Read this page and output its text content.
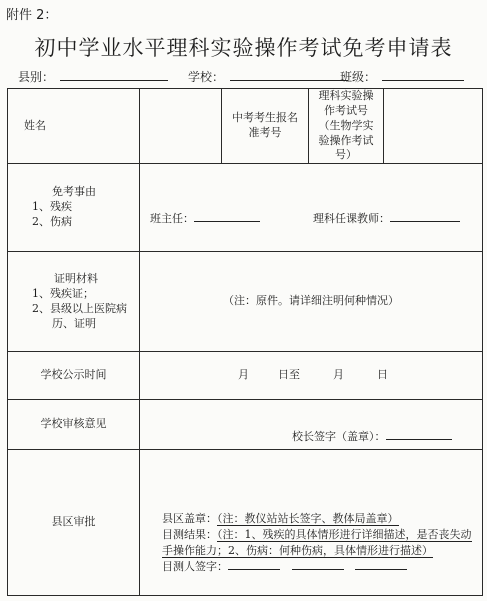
附件 2：
初中学业水平理科实验操作考试免考申请表
县别：	学校：	班级：
姓名		中考考生报名准考号	理科实验操作考试号（生物学实验操作考试号）	

免考事由
1、残疾
2、伤病	班主任： 理科任课教师：			

证明材料
1、残疾证；
2、县级以上医院病
历、证明	（注：原件。请详细注明何种情况）			
学校公示时间	月 日至 月 日			

学校审核意见	校长签字（盖章）：			

县区审批	县区盖章：（注：教仪站站长签字、教体局盖章）
目测结果：（注：1、残疾的具体情形进行详细描述，是否丧失动
手操作能力；2、伤病：何种伤病，具体情形进行描述）
目测人签字：			
